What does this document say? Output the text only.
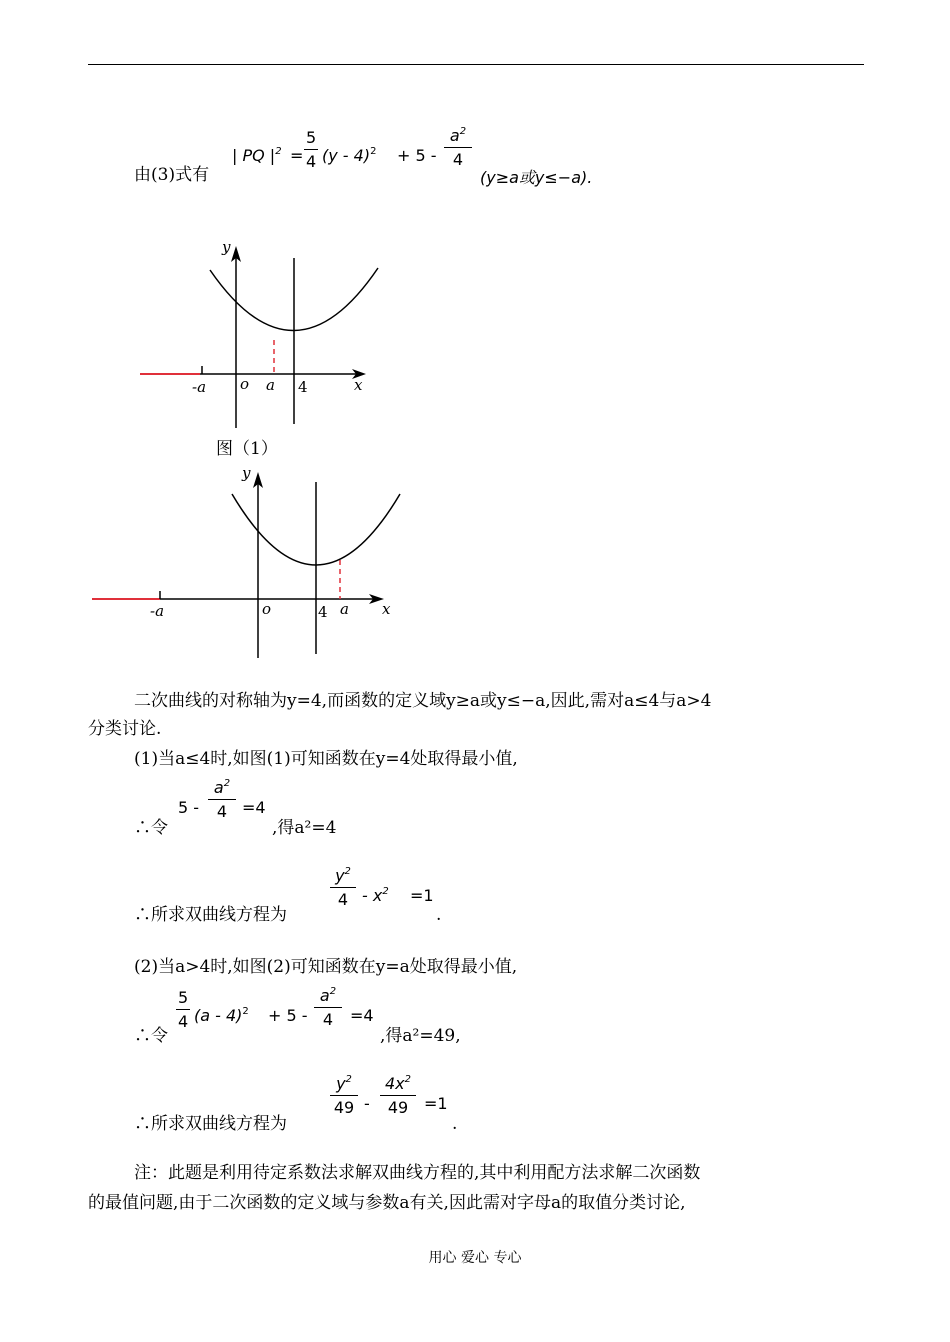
由(3)式有
| PQ $|^2$ =
5
4 (y - 4)$^2$ + 5 -
$a^2$
4
(y≥a或y≤−a).
y
x
-a o a 4
图（1）
y
x
-a	o	a
4
二次曲线的对称轴为y=4,而函数的定义域y≥a或y≤−a,因此,需对a≤4与a>4
分类讨论.
(1)当a≤4时,如图(1)可知函数在y=4处取得最小值,
∴令
5 -
$a^2$
4 =4
,得a²=4
∴所求双曲线方程为
$y^2$
$4 - x^2 =1$
.
(2)当a>4时,如图(2)可知函数在y=a处取得最小值,
∴令
5
4 (a - 4)$^2$ + 5 -
$a^2$
4	=4
,得a²=49,
∴所求双曲线方程为
$y^2$
49 -
$4x^2$
49 =1
.
注：此题是利用待定系数法求解双曲线方程的,其中利用配方法求解二次函数
的最值问题,由于二次函数的定义域与参数a有关,因此需对字母a的取值分类讨论,
用心 爱心 专心
